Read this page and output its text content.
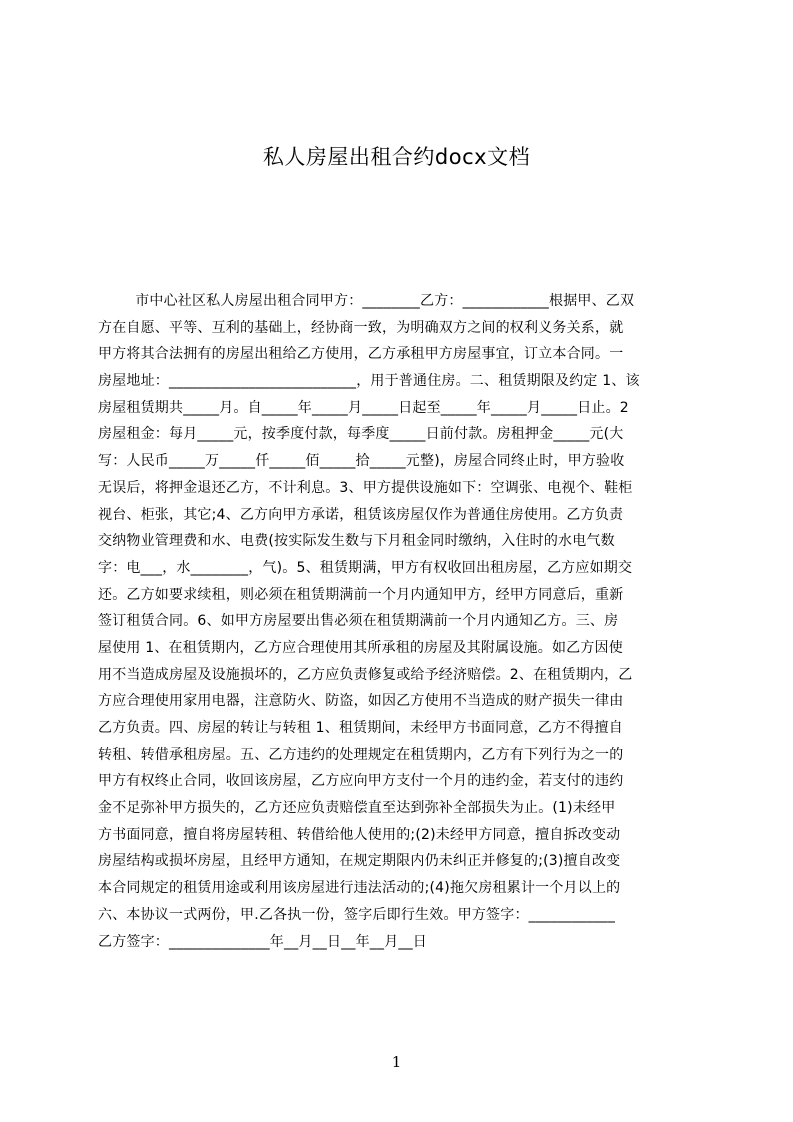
私人房屋出租合约docx文档
市中心社区私人房屋出租合同甲方：________乙方：____________根据甲、乙双
方在自愿、平等、互利的基础上，经协商一致，为明确双方之间的权利义务关系，就
甲方将其合法拥有的房屋出租给乙方使用，乙方承租甲方房屋事宜，订立本合同。一
房屋地址：__________________________，用于普通住房。二、租赁期限及约定 1、该
房屋租赁期共_____月。自_____年_____月_____日起至_____年_____月_____日止。2
房屋租金：每月_____元，按季度付款，每季度_____日前付款。房租押金_____元(大
写：人民币_____万_____仟_____佰_____拾_____元整)，房屋合同终止时，甲方验收
无误后，将押金退还乙方，不计利息。3、甲方提供设施如下：空调张、电视个、鞋柜
视台、柜张，其它;4、乙方向甲方承诺，租赁该房屋仅作为普通住房使用。乙方负责
交纳物业管理费和水、电费(按实际发生数与下月租金同时缴纳，入住时的水电气数
字：电___，水________，气)。5、租赁期满，甲方有权收回出租房屋，乙方应如期交
还。乙方如要求续租，则必须在租赁期满前一个月内通知甲方，经甲方同意后，重新
签订租赁合同。6、如甲方房屋要出售必须在租赁期满前一个月内通知乙方。三、房
屋使用 1、在租赁期内，乙方应合理使用其所承租的房屋及其附属设施。如乙方因使
用不当造成房屋及设施损坏的，乙方应负责修复或给予经济赔偿。2、在租赁期内，乙
方应合理使用家用电器，注意防火、防盗，如因乙方使用不当造成的财产损失一律由
乙方负责。四、房屋的转让与转租 1、租赁期间，未经甲方书面同意，乙方不得擅自
转租、转借承租房屋。五、乙方违约的处理规定在租赁期内，乙方有下列行为之一的
甲方有权终止合同，收回该房屋，乙方应向甲方支付一个月的违约金，若支付的违约
金不足弥补甲方损失的，乙方还应负责赔偿直至达到弥补全部损失为止。(1)未经甲
方书面同意，擅自将房屋转租、转借给他人使用的;(2)未经甲方同意，擅自拆改变动
房屋结构或损坏房屋，且经甲方通知，在规定期限内仍未纠正并修复的;(3)擅自改变
本合同规定的租赁用途或利用该房屋进行违法活动的;(4)拖欠房租累计一个月以上的
六、本协议一式两份，甲.乙各执一份，签字后即行生效。甲方签字：____________
乙方签字：______________年__月__日__年__月__日
1
